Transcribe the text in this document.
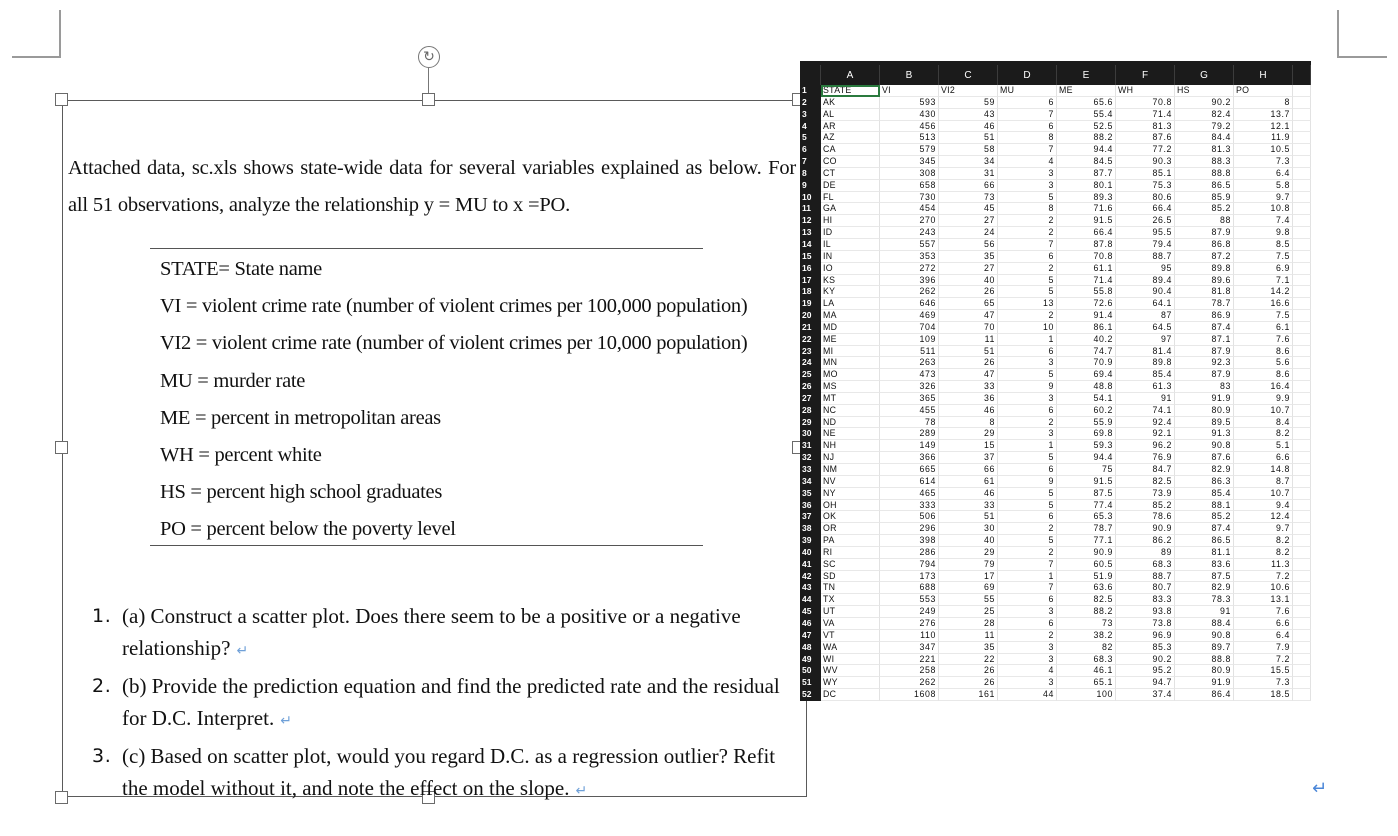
↻
Attached data, sc.xls shows state-wide data for several variables explained as below. For all 51 observations, analyze the relationship y = MU to x =PO.
STATE= State name
VI = violent crime rate (number of violent crimes per 100,000 population)
VI2 = violent crime rate (number of violent crimes per 10,000 population)
MU = murder rate
ME = percent in metropolitan areas
WH = percent white
HS = percent high school graduates
PO = percent below the poverty level
1. (a) Construct a scatter plot. Does there seem to be a positive or a negative relationship? ↵
2. (b) Provide the prediction equation and find the predicted rate and the residual for D.C. Interpret. ↵
3. (c) Based on scatter plot, would you regard D.C. as a regression outlier? Refit the model without it, and note the effect on the slope. ↵
A	B	C	D	E	F	G	H
1	STATE	VI	VI2	MU	ME	WH	HS	PO
2	AK	593	59	6	65.6	70.8	90.2	8
3	AL	430	43	7	55.4	71.4	82.4	13.7
4	AR	456	46	6	52.5	81.3	79.2	12.1
5	AZ	513	51	8	88.2	87.6	84.4	11.9
6	CA	579	58	7	94.4	77.2	81.3	10.5
7	CO	345	34	4	84.5	90.3	88.3	7.3
8	CT	308	31	3	87.7	85.1	88.8	6.4
9	DE	658	66	3	80.1	75.3	86.5	5.8
10	FL	730	73	5	89.3	80.6	85.9	9.7
11	GA	454	45	8	71.6	66.4	85.2	10.8
12	HI	270	27	2	91.5	26.5	88	7.4
13	ID	243	24	2	66.4	95.5	87.9	9.8
14	IL	557	56	7	87.8	79.4	86.8	8.5
15	IN	353	35	6	70.8	88.7	87.2	7.5
16	IO	272	27	2	61.1	95	89.8	6.9
17	KS	396	40	5	71.4	89.4	89.6	7.1
18	KY	262	26	5	55.8	90.4	81.8	14.2
19	LA	646	65	13	72.6	64.1	78.7	16.6
20	MA	469	47	2	91.4	87	86.9	7.5
21	MD	704	70	10	86.1	64.5	87.4	6.1
22	ME	109	11	1	40.2	97	87.1	7.6
23	MI	511	51	6	74.7	81.4	87.9	8.6
24	MN	263	26	3	70.9	89.8	92.3	5.6
25	MO	473	47	5	69.4	85.4	87.9	8.6
26	MS	326	33	9	48.8	61.3	83	16.4
27	MT	365	36	3	54.1	91	91.9	9.9
28	NC	455	46	6	60.2	74.1	80.9	10.7
29	ND	78	8	2	55.9	92.4	89.5	8.4
30	NE	289	29	3	69.8	92.1	91.3	8.2
31	NH	149	15	1	59.3	96.2	90.8	5.1
32	NJ	366	37	5	94.4	76.9	87.6	6.6
33	NM	665	66	6	75	84.7	82.9	14.8
34	NV	614	61	9	91.5	82.5	86.3	8.7
35	NY	465	46	5	87.5	73.9	85.4	10.7
36	OH	333	33	5	77.4	85.2	88.1	9.4
37	OK	506	51	6	65.3	78.6	85.2	12.4
38	OR	296	30	2	78.7	90.9	87.4	9.7
39	PA	398	40	5	77.1	86.2	86.5	8.2
40	RI	286	29	2	90.9	89	81.1	8.2
41	SC	794	79	7	60.5	68.3	83.6	11.3
42	SD	173	17	1	51.9	88.7	87.5	7.2
43	TN	688	69	7	63.6	80.7	82.9	10.6
44	TX	553	55	6	82.5	83.3	78.3	13.1
45	UT	249	25	3	88.2	93.8	91	7.6
46	VA	276	28	6	73	73.8	88.4	6.6
47	VT	110	11	2	38.2	96.9	90.8	6.4
48	WA	347	35	3	82	85.3	89.7	7.9
49	WI	221	22	3	68.3	90.2	88.8	7.2
50	WV	258	26	4	46.1	95.2	80.9	15.5
51	WY	262	26	3	65.1	94.7	91.9	7.3
52	DC	1608	161	44	100	37.4	86.4	18.5
↵
